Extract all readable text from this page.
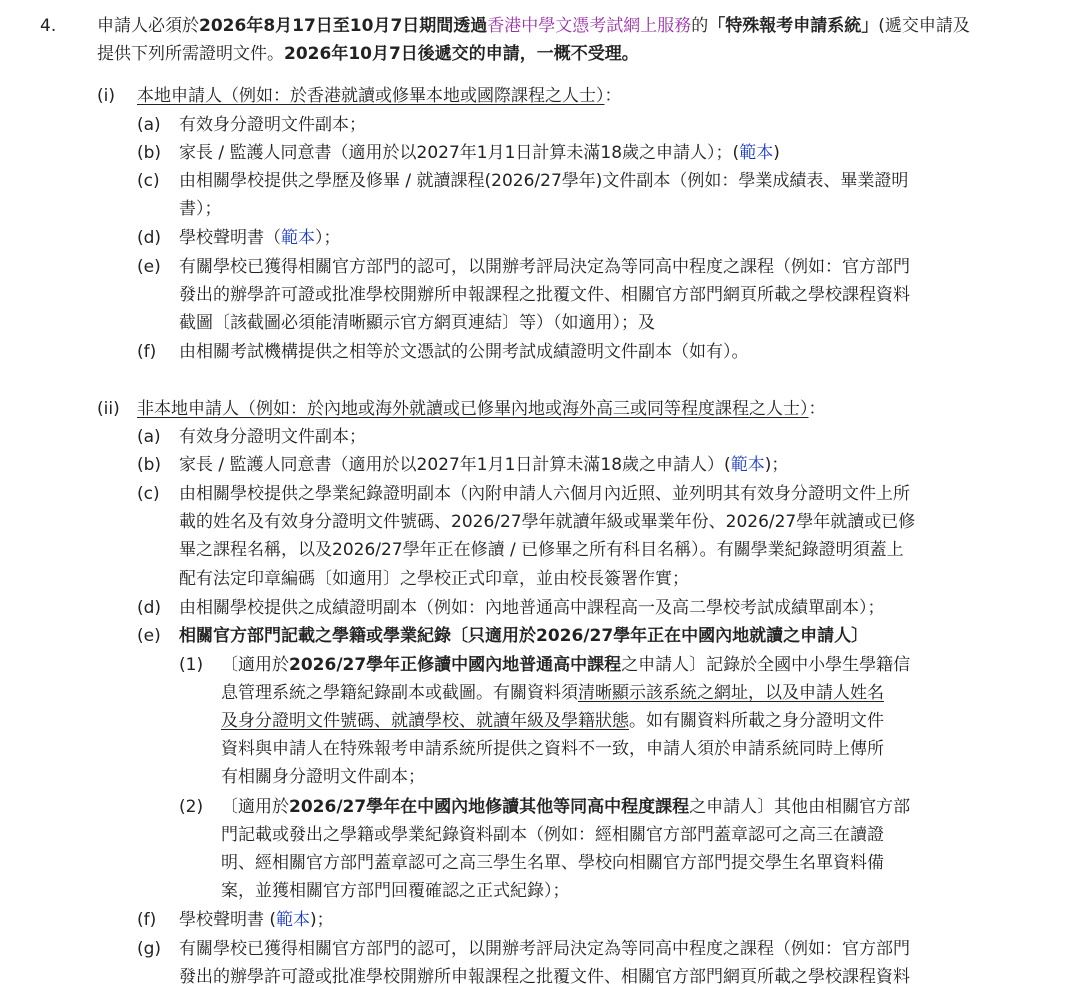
4. 申請人必須於2026年8月17日至10月7日期間透過香港中學文憑考試網上服務的「特殊報考申請系統」(遞交申請及
提供下列所需證明文件。2026年10月7日後遞交的申請，一概不受理。
(i) 本地申請人（例如：於香港就讀或修畢本地或國際課程之人士）：
(a) 有效身分證明文件副本；
(b) 家長 / 監護人同意書（適用於以2027年1月1日計算未滿18歲之申請人）；(範本)
(c) 由相關學校提供之學歷及修畢 / 就讀課程(2026/27學年)文件副本（例如：學業成績表、畢業證明
書）；
(d) 學校聲明書（範本）；
(e) 有關學校已獲得相關官方部門的認可，以開辦考評局決定為等同高中程度之課程（例如：官方部門
發出的辦學許可證或批准學校開辦所申報課程之批覆文件、相關官方部門網頁所載之學校課程資料
截圖〔該截圖必須能清晰顯示官方網頁連結〕等）（如適用）；及
(f) 由相關考試機構提供之相等於文憑試的公開考試成績證明文件副本（如有）。
(ii) 非本地申請人（例如：於內地或海外就讀或已修畢內地或海外高三或同等程度課程之人士）：
(a) 有效身分證明文件副本；
(b) 家長 / 監護人同意書（適用於以2027年1月1日計算未滿18歲之申請人）(範本)；
(c) 由相關學校提供之學業紀錄證明副本（內附申請人六個月內近照、並列明其有效身分證明文件上所
載的姓名及有效身分證明文件號碼、2026/27學年就讀年級或畢業年份、2026/27學年就讀或已修
畢之課程名稱，以及2026/27學年正在修讀 / 已修畢之所有科目名稱）。有關學業紀錄證明須蓋上
配有法定印章編碼〔如適用〕之學校正式印章，並由校長簽署作實；
(d) 由相關學校提供之成績證明副本（例如：內地普通高中課程高一及高二學校考試成績單副本）；
(e) 相關官方部門記載之學籍或學業紀錄〔只適用於2026/27學年正在中國內地就讀之申請人〕
(1) 〔適用於2026/27學年正修讀中國內地普通高中課程之申請人〕記錄於全國中小學生學籍信
息管理系統之學籍紀錄副本或截圖。有關資料須清晰顯示該系統之網址，以及申請人姓名
及身分證明文件號碼、就讀學校、就讀年級及學籍狀態。如有關資料所載之身分證明文件
資料與申請人在特殊報考申請系統所提供之資料不一致，申請人須於申請系統同時上傳所
有相關身分證明文件副本；
(2) 〔適用於2026/27學年在中國內地修讀其他等同高中程度課程之申請人〕其他由相關官方部
門記載或發出之學籍或學業紀錄資料副本（例如：經相關官方部門蓋章認可之高三在讀證
明、經相關官方部門蓋章認可之高三學生名單、學校向相關官方部門提交學生名單資料備
案，並獲相關官方部門回覆確認之正式紀錄）；
(f) 學校聲明書 (範本)；
(g) 有關學校已獲得相關官方部門的認可，以開辦考評局決定為等同高中程度之課程（例如：官方部門
發出的辦學許可證或批准學校開辦所申報課程之批覆文件、相關官方部門網頁所載之學校課程資料
